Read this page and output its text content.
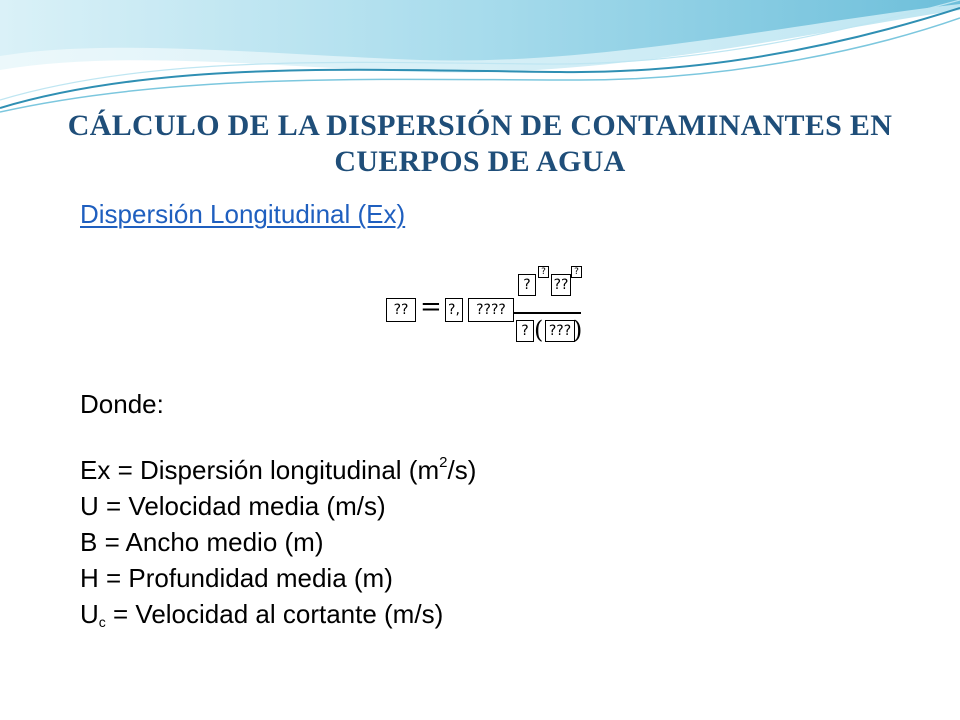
CÁLCULO DE LA DISPERSIÓN DE CONTAMINANTES EN
CUERPOS DE AGUA
Dispersión Longitudinal (Ex)
?️? = ?,	??️??
?
?
??
?
? ( ??? )
Donde:
Ex = Dispersión longitudinal $(m^2/s)$
U = Velocidad media (m/s)
B = Ancho medio (m)
H = Profundidad media (m)
$U_c$ = Velocidad al cortante (m/s)
